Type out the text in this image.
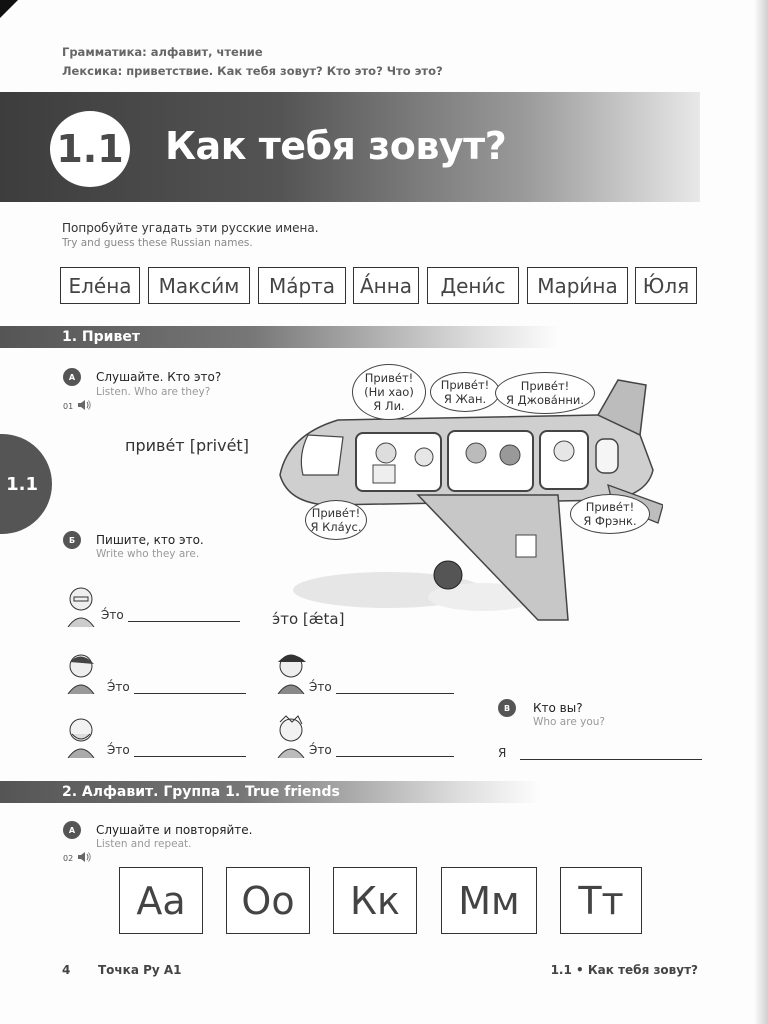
Грамматика: алфавит, чтение
Лексика: приветствие. Как тебя зовут? Кто это? Что это?
1.1 Как тебя зовут?
Попробуйте угадать эти русские имена.
Try and guess these Russian names.
Еле́на	Макси́м	Ма́рта	А́нна	Дени́с	Мари́на	Ю́ля
1. Привет
1.1
A	Слушайте. Кто это?
Listen. Who are they?
01
приве́т [privét]
Приве́т!
(Ни хао)
Я Ли.
Приве́т!
Я Жан.
Приве́т!
Я Джова́нни.
Приве́т!
Я Кла́ус.
Приве́т!
Я Фрэнк.
Б	Пишите, кто это.
Write who they are.
Э́то	э́то [ǽta]
Э́то	Э́то
Э́то	Э́то
В	Кто вы?
Who are you?
Я
2. Алфавит. Группа 1. True friends
A	Слушайте и повторяйте.
Listen and repeat.
02
Аа	Оо	Кк	Мм	Тт
4 Точка Ру А1	1.1 • Как тебя зовут?
